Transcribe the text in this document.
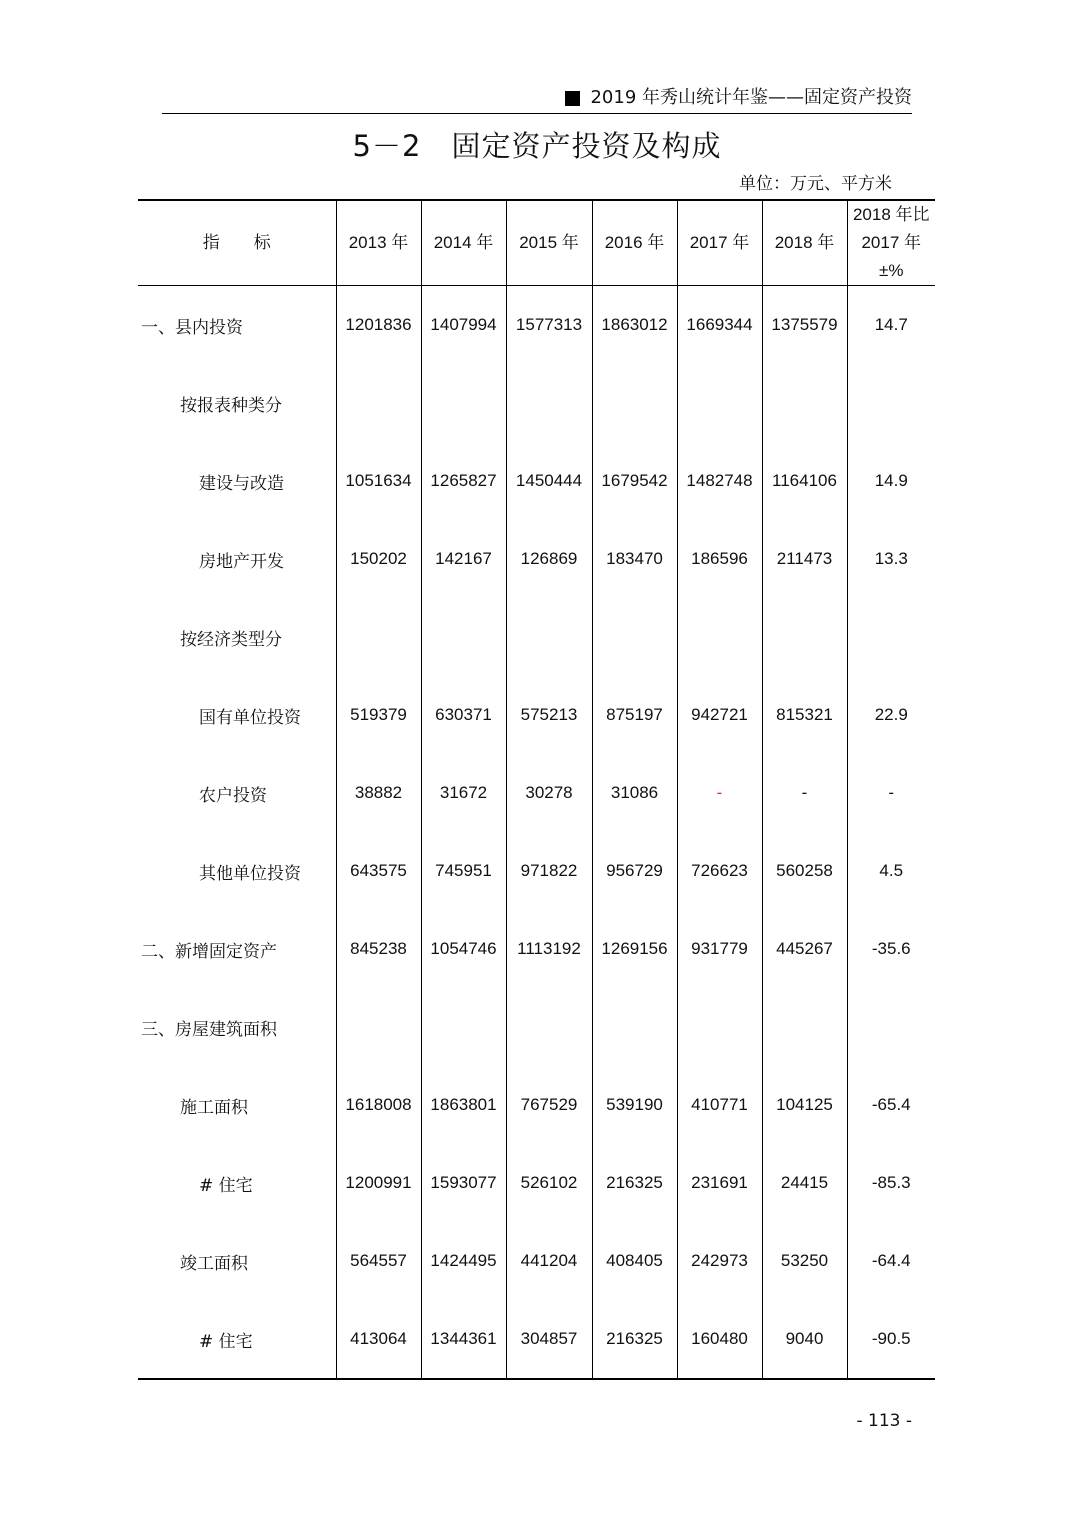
2019 年秀山统计年鉴——固定资产投资
5－2　固定资产投资及构成
单位：万元、平方米
指　　标	2013 年	2014 年	2015 年	2016 年	2017 年	2018 年	2018 年比
2017 年
±%

一、县内投资	1201836	1407994	1577313	1863012	1669344	1375579	14.7
按报表种类分							
建设与改造	1051634	1265827	1450444	1679542	1482748	1164106	14.9
房地产开发	150202	142167	126869	183470	186596	211473	13.3
按经济类型分							
国有单位投资	519379	630371	575213	875197	942721	815321	22.9
农户投资	38882	31672	30278	31086	-	-	-
其他单位投资	643575	745951	971822	956729	726623	560258	4.5
二、新增固定资产	845238	1054746	1113192	1269156	931779	445267	-35.6
三、房屋建筑面积							
施工面积	1618008	1863801	767529	539190	410771	104125	-65.4
# 住宅	1200991	1593077	526102	216325	231691	24415	-85.3
竣工面积	564557	1424495	441204	408405	242973	53250	-64.4
# 住宅	413064	1344361	304857	216325	160480	9040	-90.5
- 113 -
